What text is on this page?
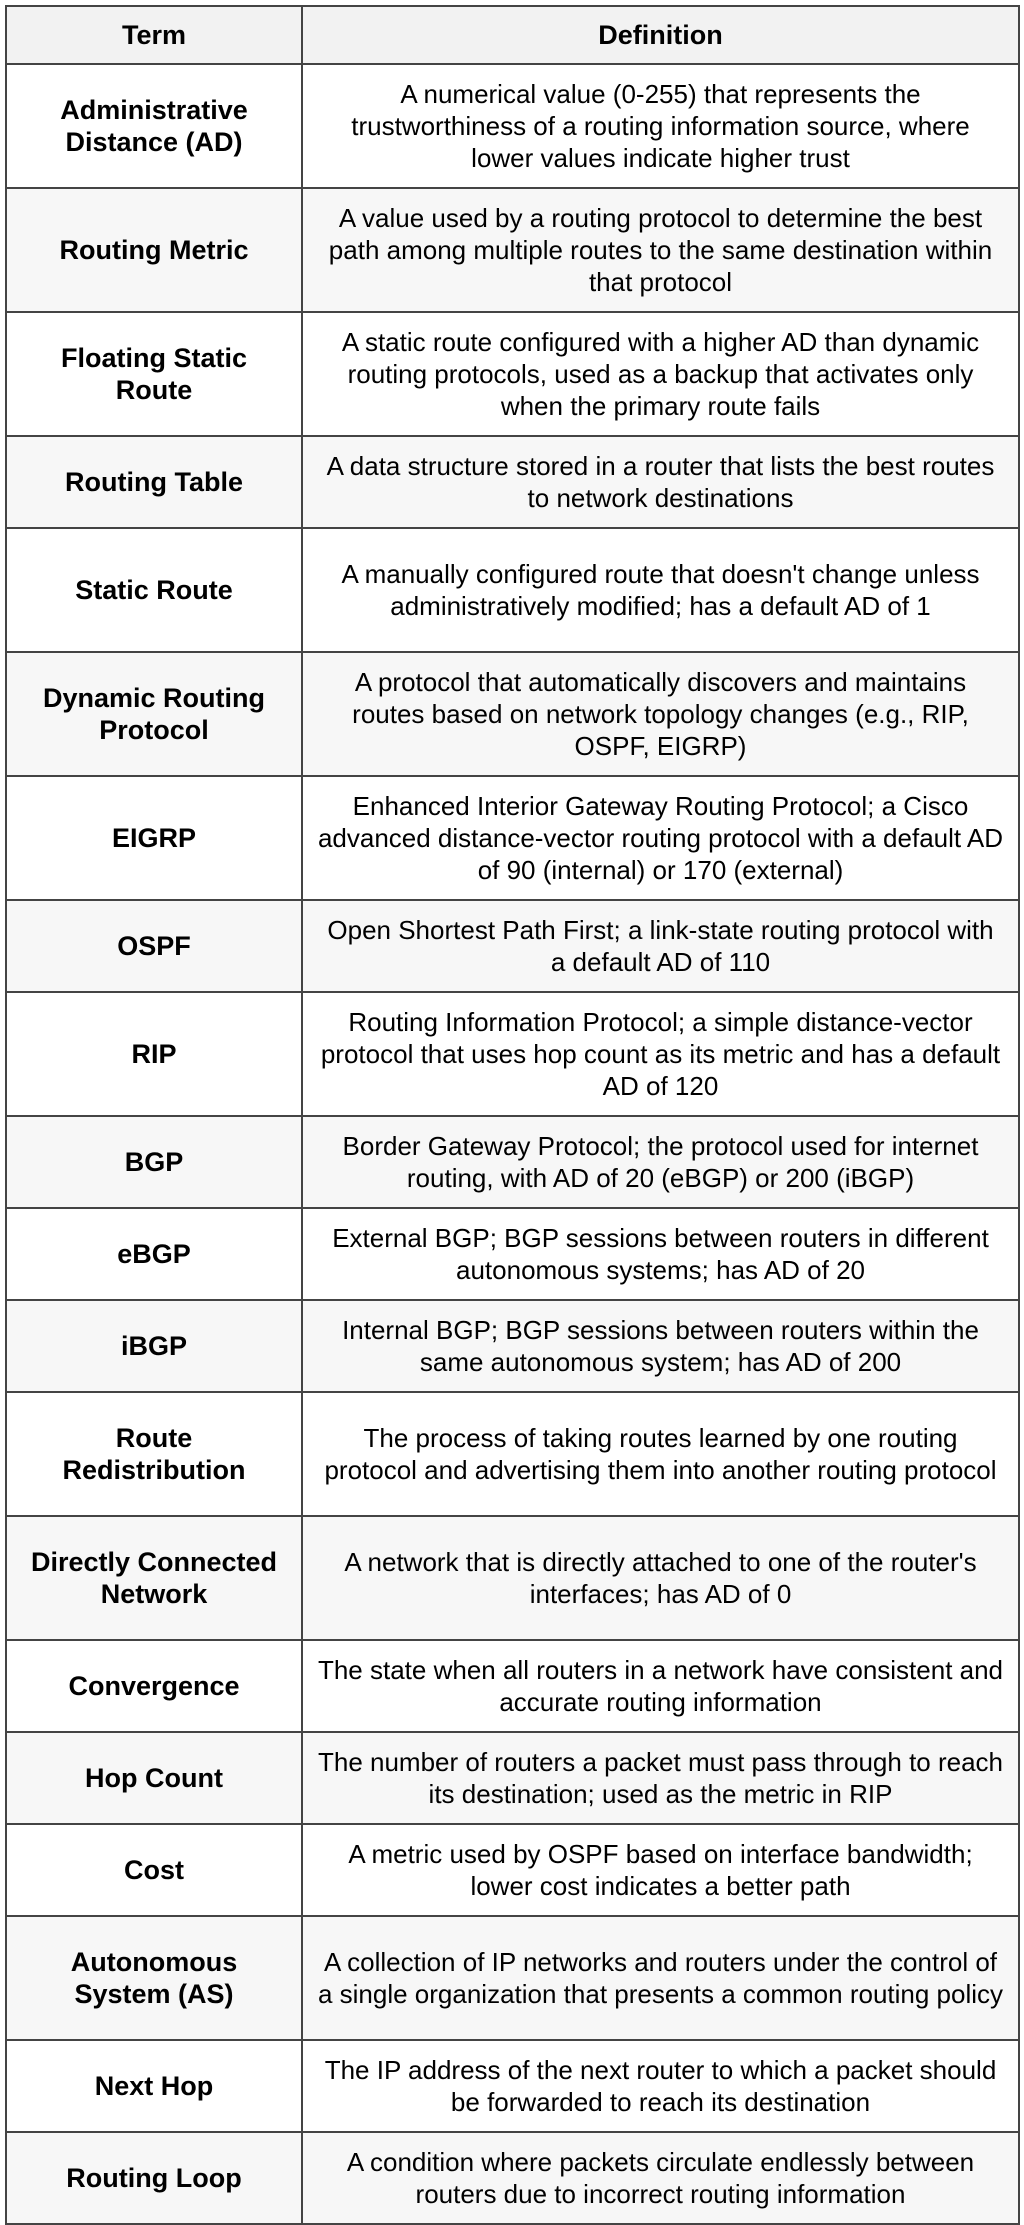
Term	Definition
Administrative Distance (AD)	A numerical value (0-255) that represents the trustworthiness of a routing information source, where lower values indicate higher trust
Routing Metric	A value used by a routing protocol to determine the best path among multiple routes to the same destination within that protocol
Floating Static Route	A static route configured with a higher AD than dynamic routing protocols, used as a backup that activates only when the primary route fails
Routing Table	A data structure stored in a router that lists the best routes to network destinations
Static Route	A manually configured route that doesn't change unless administratively modified; has a default AD of 1
Dynamic Routing Protocol	A protocol that automatically discovers and maintains routes based on network topology changes (e.g., RIP, OSPF, EIGRP)
EIGRP	Enhanced Interior Gateway Routing Protocol; a Cisco advanced distance-vector routing protocol with a default AD of 90 (internal) or 170 (external)
OSPF	Open Shortest Path First; a link-state routing protocol with a default AD of 110
RIP	Routing Information Protocol; a simple distance-vector protocol that uses hop count as its metric and has a default AD of 120
BGP	Border Gateway Protocol; the protocol used for internet routing, with AD of 20 (eBGP) or 200 (iBGP)
eBGP	External BGP; BGP sessions between routers in different autonomous systems; has AD of 20
iBGP	Internal BGP; BGP sessions between routers within the same autonomous system; has AD of 200
Route Redistribution	The process of taking routes learned by one routing protocol and advertising them into another routing protocol
Directly Connected Network	A network that is directly attached to one of the router's interfaces; has AD of 0
Convergence	The state when all routers in a network have consistent and accurate routing information
Hop Count	The number of routers a packet must pass through to reach its destination; used as the metric in RIP
Cost	A metric used by OSPF based on interface bandwidth; lower cost indicates a better path
Autonomous System (AS)	A collection of IP networks and routers under the control of a single organization that presents a common routing policy
Next Hop	The IP address of the next router to which a packet should be forwarded to reach its destination
Routing Loop	A condition where packets circulate endlessly between routers due to incorrect routing information
